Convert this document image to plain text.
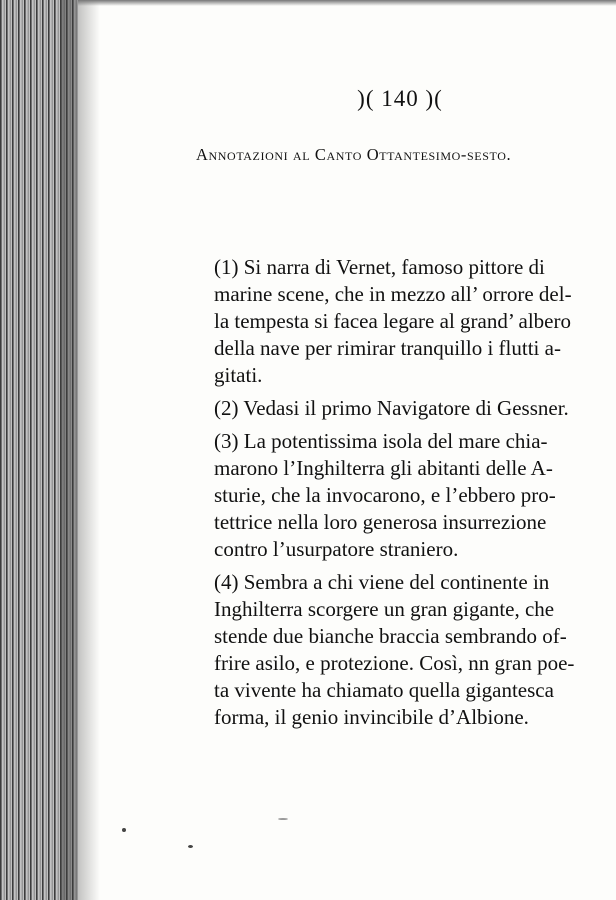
)( 140 )(
Annotazioni al Canto Ottantesimo-sesto.

(1) Si narra di Vernet, famoso pittore di
marine scene, che in mezzo all’ orrore del-
la tempesta si facea legare al grand’ albero
della nave per rimirar tranquillo i flutti a-
gitati.

(2) Vedasi il primo Navigatore di Gessner.

(3) La potentissima isola del mare chia-
marono l’Inghilterra gli abitanti delle A-
sturie, che la invocarono, e l’ebbero pro-
tettrice nella loro generosa insurrezione
contro l’usurpatore straniero.

(4) Sembra a chi viene del continente in
Inghilterra scorgere un gran gigante, che
stende due bianche braccia sembrando of-
frire asilo, e protezione. Così, nn gran poe-
ta vivente ha chiamato quella gigantesca
forma, il genio invincibile d’Albione.
